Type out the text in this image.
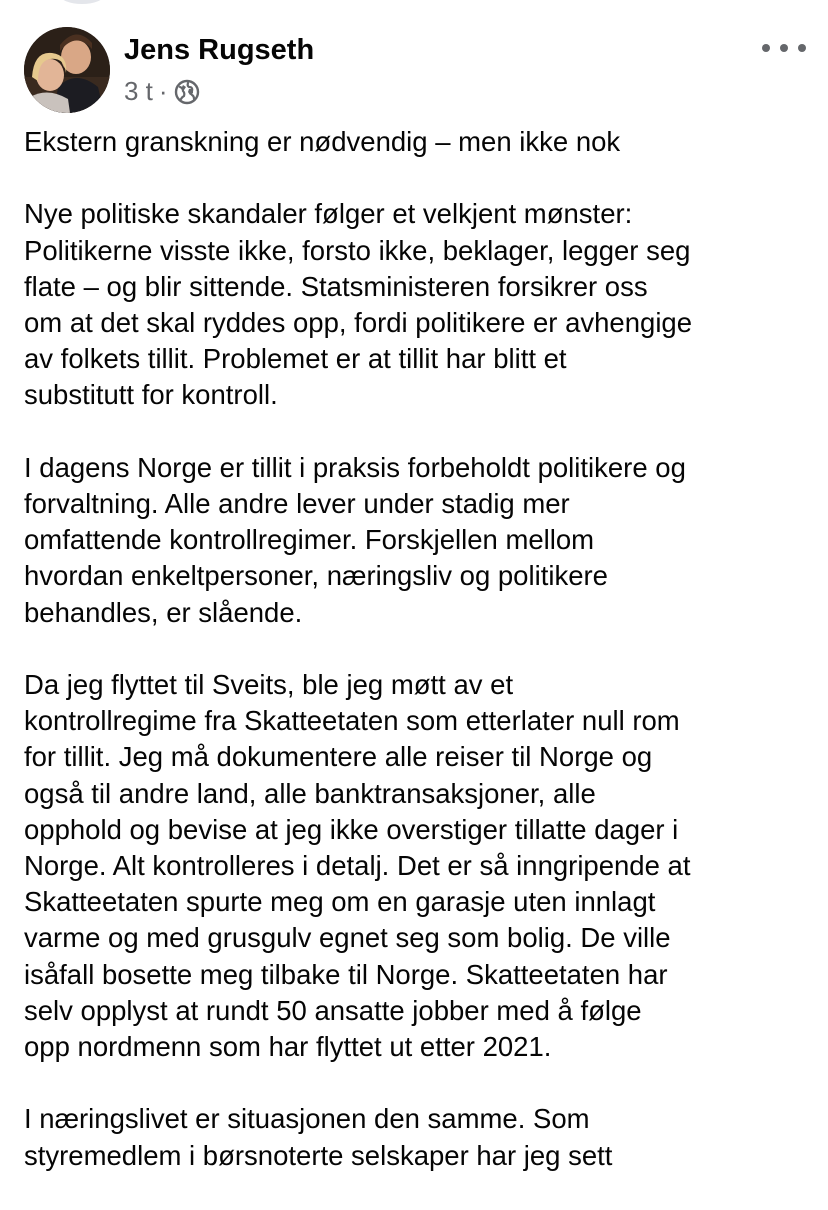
Jens Rugseth
3 t ·

Ekstern granskning er nødvendig – men ikke nok

Nye politiske skandaler følger et velkjent mønster:
Politikerne visste ikke, forsto ikke, beklager, legger seg
flate – og blir sittende. Statsministeren forsikrer oss
om at det skal ryddes opp, fordi politikere er avhengige
av folkets tillit. Problemet er at tillit har blitt et
substitutt for kontroll.

I dagens Norge er tillit i praksis forbeholdt politikere og
forvaltning. Alle andre lever under stadig mer
omfattende kontrollregimer. Forskjellen mellom
hvordan enkeltpersoner, næringsliv og politikere
behandles, er slående.

Da jeg flyttet til Sveits, ble jeg møtt av et
kontrollregime fra Skatteetaten som etterlater null rom
for tillit. Jeg må dokumentere alle reiser til Norge og
også til andre land, alle banktransaksjoner, alle
opphold og bevise at jeg ikke overstiger tillatte dager i
Norge. Alt kontrolleres i detalj. Det er så inngripende at
Skatteetaten spurte meg om en garasje uten innlagt
varme og med grusgulv egnet seg som bolig. De ville
isåfall bosette meg tilbake til Norge. Skatteetaten har
selv opplyst at rundt 50 ansatte jobber med å følge
opp nordmenn som har flyttet ut etter 2021.

I næringslivet er situasjonen den samme. Som
styremedlem i børsnoterte selskaper har jeg sett
